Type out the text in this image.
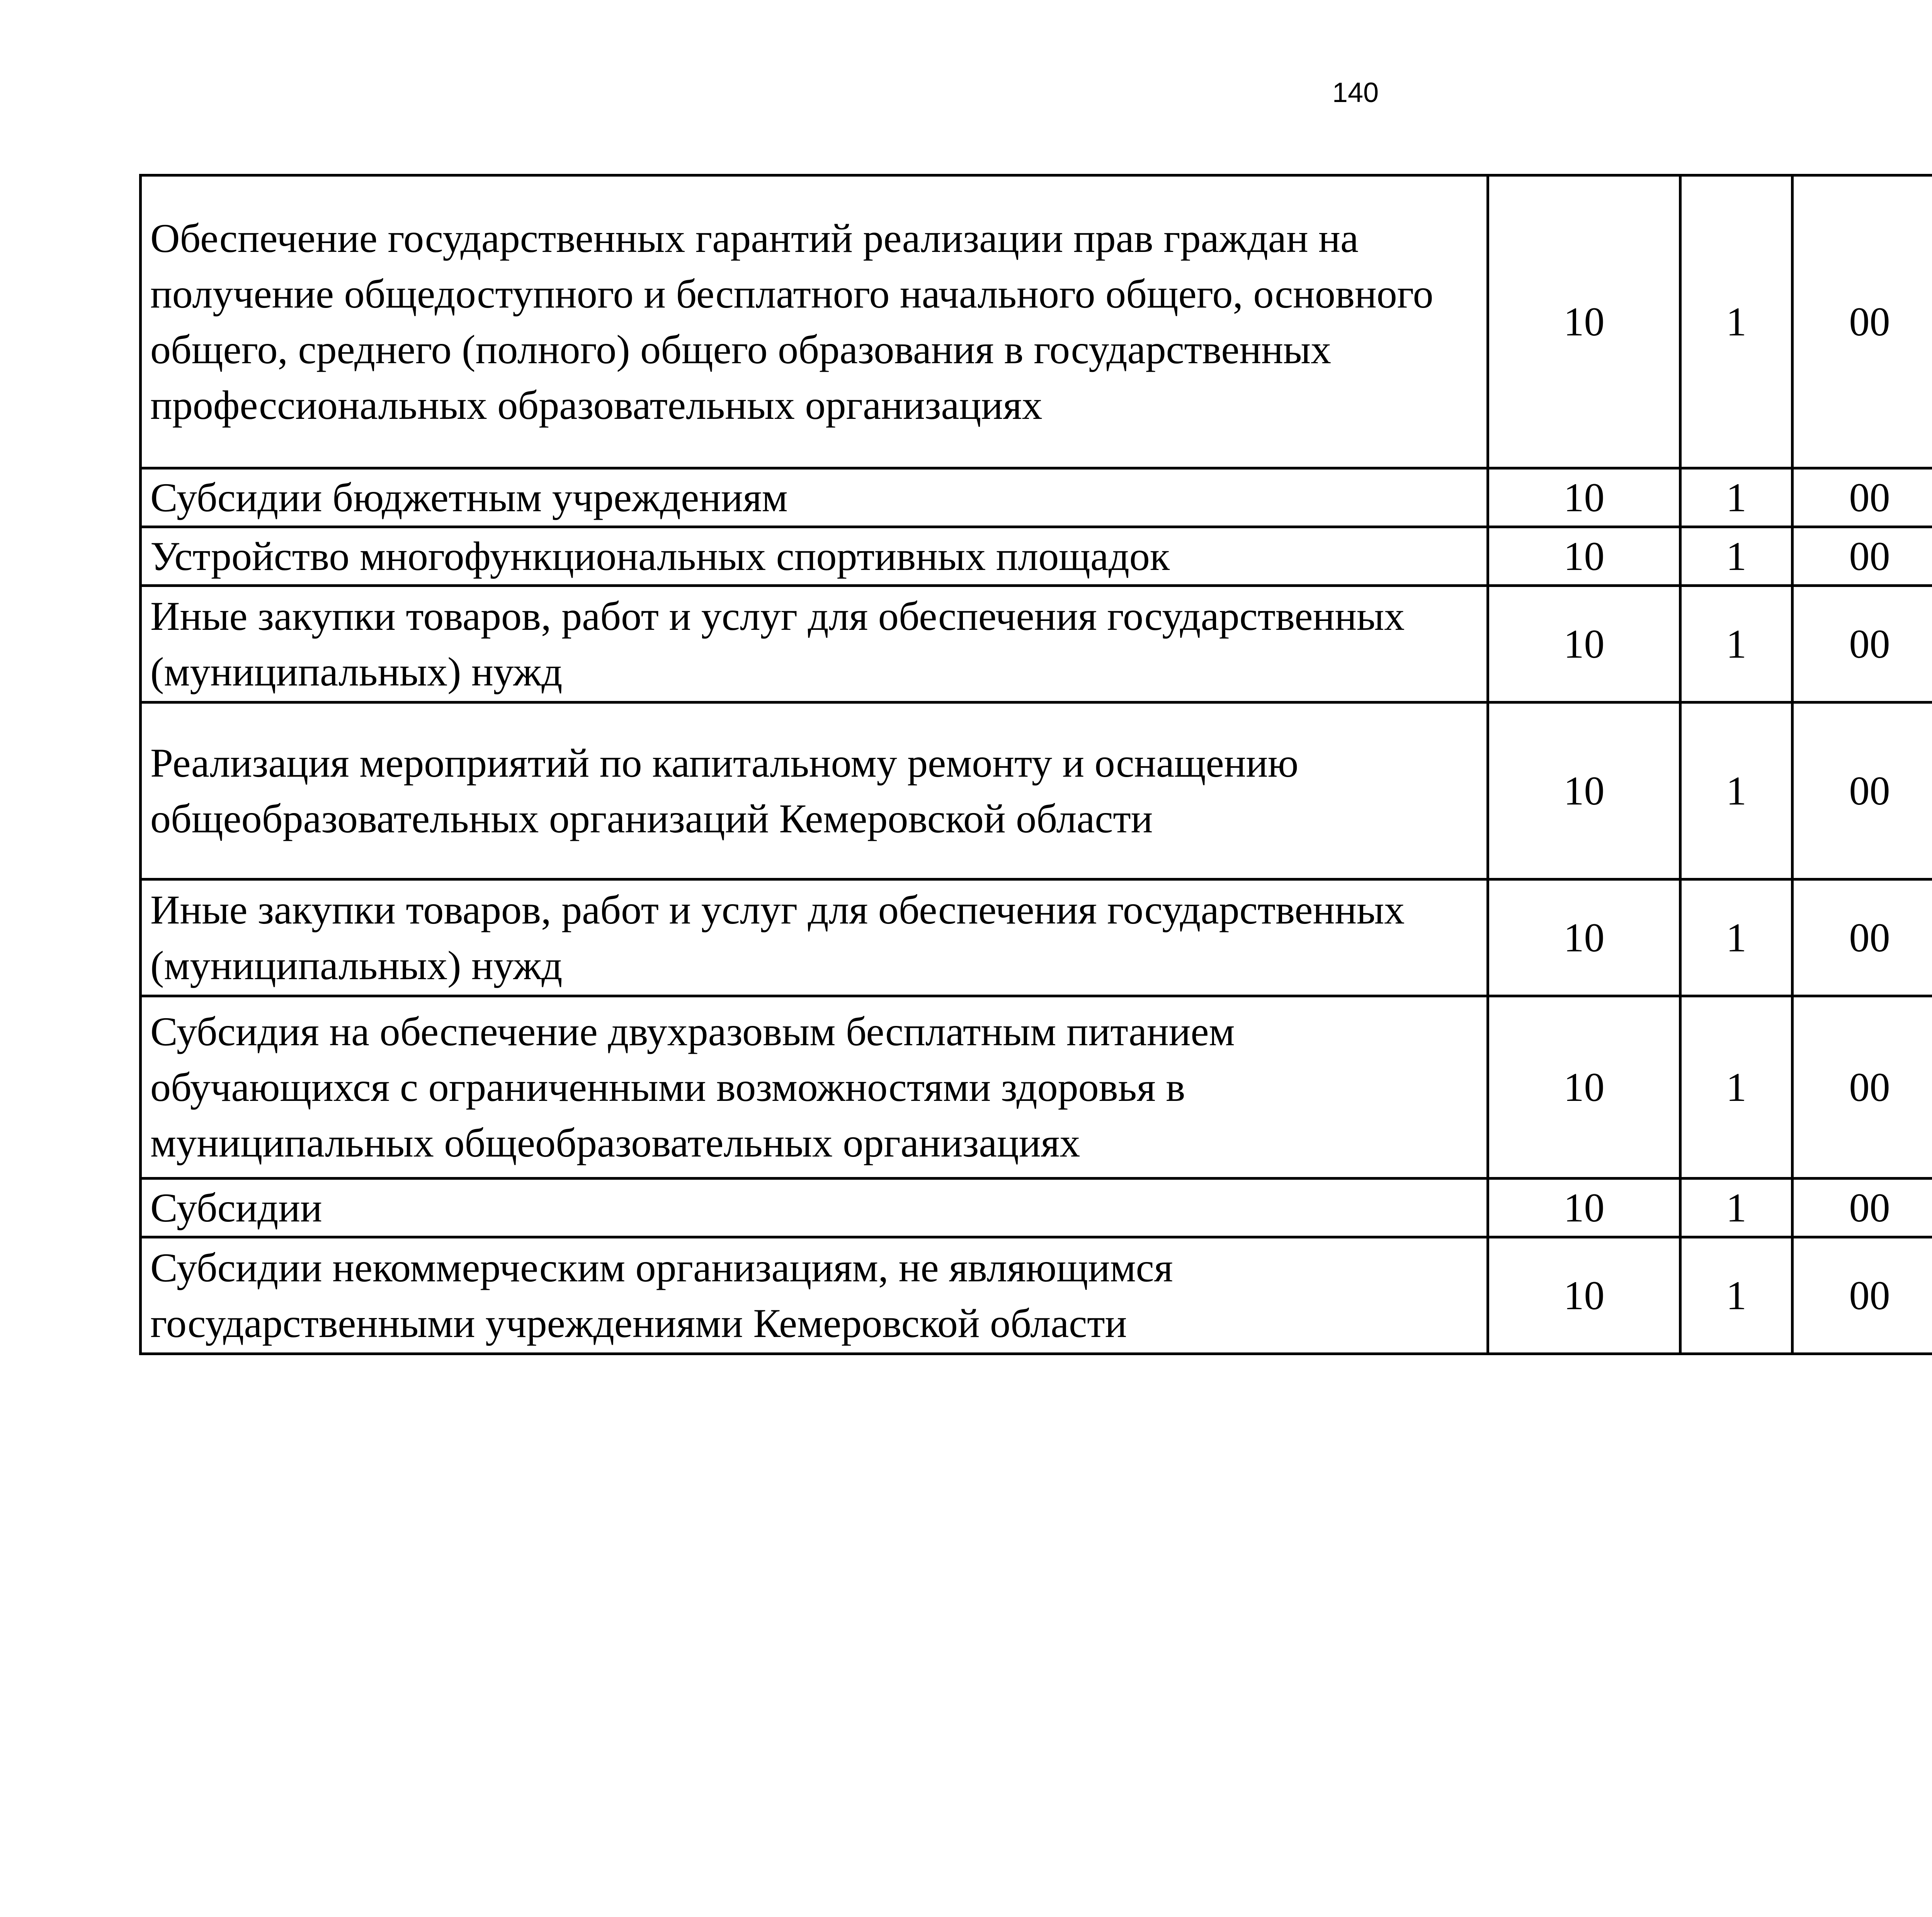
140
Обеспечение государственных гарантий реализации прав граждан на получение общедоступного и бесплатного начального общего, основного общего, среднего (полного) общего образования в государственных профессиональных образовательных организациях	10	1	00			
Субсидии бюджетным учреждениям	10	1	00			
Устройство многофункциональных спортивных площадок	10	1	00			
Иные закупки товаров, работ и услуг для обеспечения государственных (муниципальных) нужд	10	1	00			
Реализация мероприятий по капитальному ремонту и оснащению общеобразовательных организаций Кемеровской области	10	1	00			
Иные закупки товаров, работ и услуг для обеспечения государственных (муниципальных) нужд	10	1	00			
Субсидия на обеспечение двухразовым бесплатным питанием обучающихся с ограниченными возможностями здоровья в муниципальных общеобразовательных организациях	10	1	00			
Субсидии	10	1	00			
Субсидии некоммерческим организациям, не являющимся государственными учреждениями Кемеровской области	10	1	00			
